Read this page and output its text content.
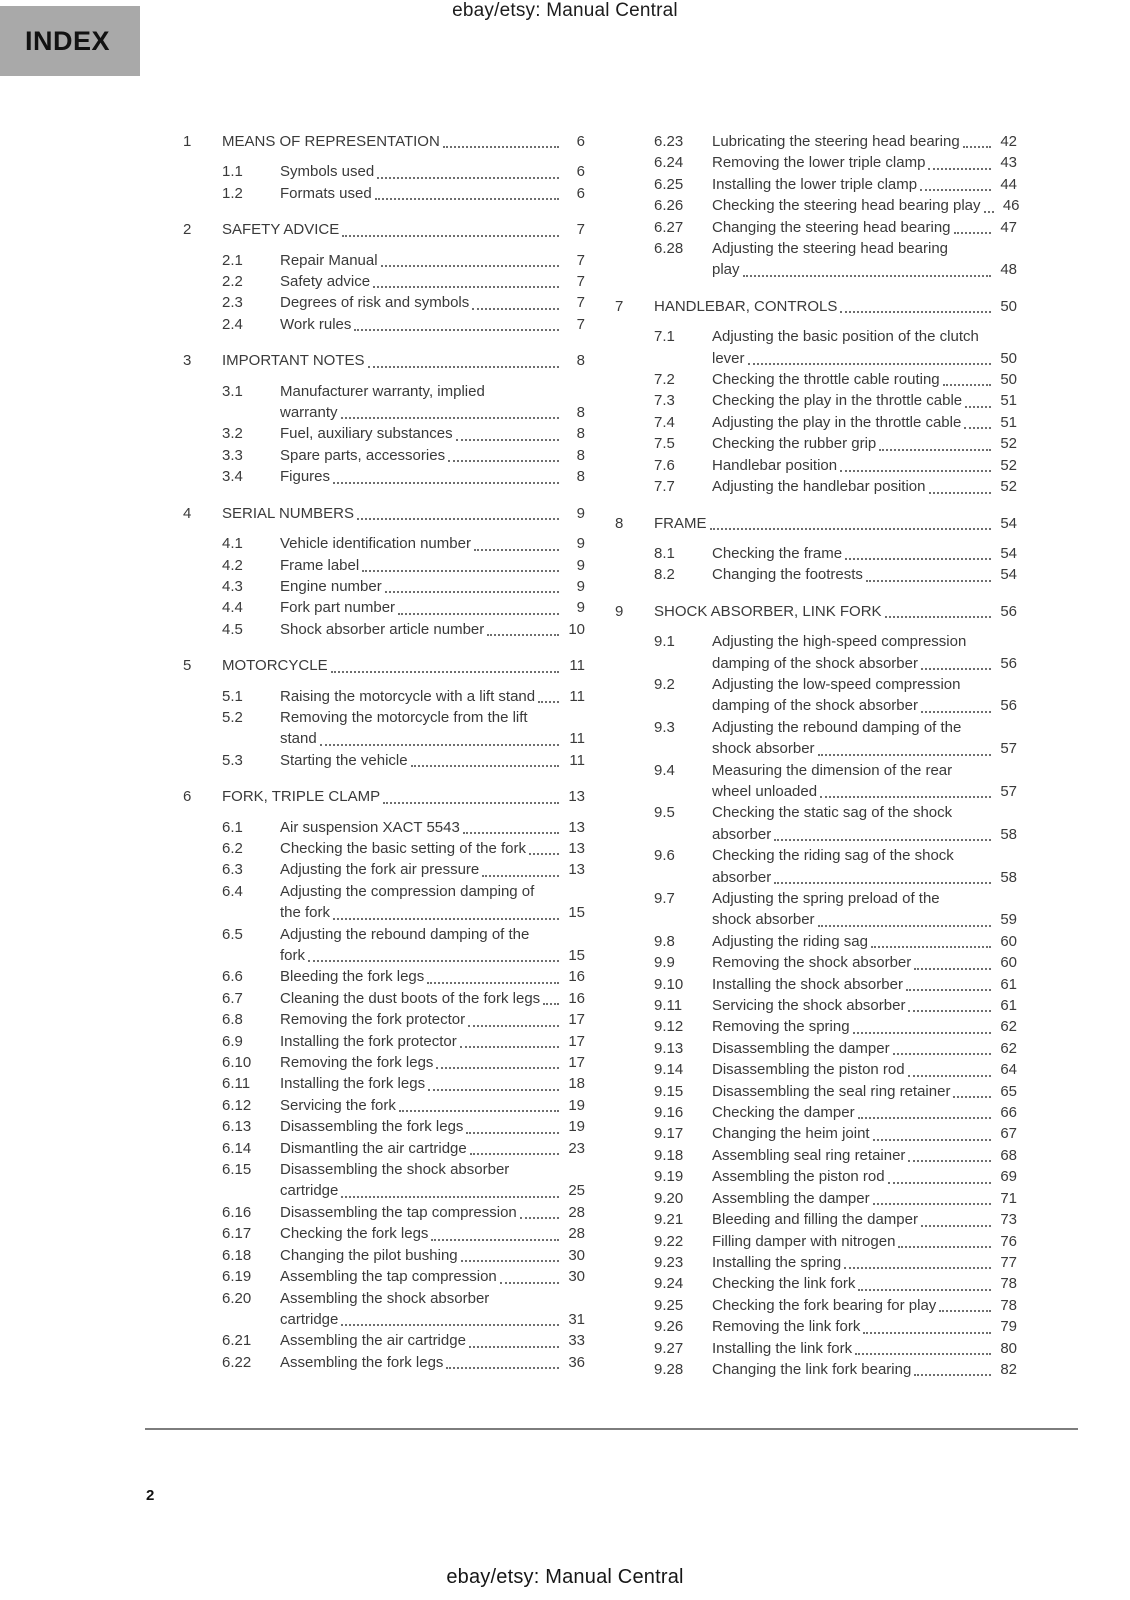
ebay/etsy: Manual Central
INDEX
1	MEANS OF REPRESENTATION	6
1.1	Symbols used	6
1.2	Formats used	6
2	SAFETY ADVICE	7
2.1	Repair Manual	7
2.2	Safety advice	7
2.3	Degrees of risk and symbols	7
2.4	Work rules	7
3	IMPORTANT NOTES	8
3.1	Manufacturer warranty, implied
warranty	8
3.2	Fuel, auxiliary substances	8
3.3	Spare parts, accessories	8
3.4	Figures	8
4	SERIAL NUMBERS	9
4.1	Vehicle identification number	9
4.2	Frame label	9
4.3	Engine number	9
4.4	Fork part number	9
4.5	Shock absorber article number	10
5	MOTORCYCLE	11
5.1	Raising the motorcycle with a lift stand	11
5.2	Removing the motorcycle from the lift
stand	11
5.3	Starting the vehicle	11
6	FORK, TRIPLE CLAMP	13
6.1	Air suspension XACT 5543	13
6.2	Checking the basic setting of the fork	13
6.3	Adjusting the fork air pressure	13
6.4	Adjusting the compression damping of
the fork	15
6.5	Adjusting the rebound damping of the
fork	15
6.6	Bleeding the fork legs	16
6.7	Cleaning the dust boots of the fork legs	16
6.8	Removing the fork protector	17
6.9	Installing the fork protector	17
6.10	Removing the fork legs	17
6.11	Installing the fork legs	18
6.12	Servicing the fork	19
6.13	Disassembling the fork legs	19
6.14	Dismantling the air cartridge	23
6.15	Disassembling the shock absorber
cartridge	25
6.16	Disassembling the tap compression	28
6.17	Checking the fork legs	28
6.18	Changing the pilot bushing	30
6.19	Assembling the tap compression	30
6.20	Assembling the shock absorber
cartridge	31
6.21	Assembling the air cartridge	33
6.22	Assembling the fork legs	36
6.23	Lubricating the steering head bearing	42
6.24	Removing the lower triple clamp	43
6.25	Installing the lower triple clamp	44
6.26	Checking the steering head bearing play	46
6.27	Changing the steering head bearing	47
6.28	Adjusting the steering head bearing
play	48
7	HANDLEBAR, CONTROLS	50
7.1	Adjusting the basic position of the clutch
lever	50
7.2	Checking the throttle cable routing	50
7.3	Checking the play in the throttle cable	51
7.4	Adjusting the play in the throttle cable	51
7.5	Checking the rubber grip	52
7.6	Handlebar position	52
7.7	Adjusting the handlebar position	52
8	FRAME	54
8.1	Checking the frame	54
8.2	Changing the footrests	54
9	SHOCK ABSORBER, LINK FORK	56
9.1	Adjusting the high-speed compression
damping of the shock absorber	56
9.2	Adjusting the low-speed compression
damping of the shock absorber	56
9.3	Adjusting the rebound damping of the
shock absorber	57
9.4	Measuring the dimension of the rear
wheel unloaded	57
9.5	Checking the static sag of the shock
absorber	58
9.6	Checking the riding sag of the shock
absorber	58
9.7	Adjusting the spring preload of the
shock absorber	59
9.8	Adjusting the riding sag	60
9.9	Removing the shock absorber	60
9.10	Installing the shock absorber	61
9.11	Servicing the shock absorber	61
9.12	Removing the spring	62
9.13	Disassembling the damper	62
9.14	Disassembling the piston rod	64
9.15	Disassembling the seal ring retainer	65
9.16	Checking the damper	66
9.17	Changing the heim joint	67
9.18	Assembling seal ring retainer	68
9.19	Assembling the piston rod	69
9.20	Assembling the damper	71
9.21	Bleeding and filling the damper	73
9.22	Filling damper with nitrogen	76
9.23	Installing the spring	77
9.24	Checking the link fork	78
9.25	Checking the fork bearing for play	78
9.26	Removing the link fork	79
9.27	Installing the link fork	80
9.28	Changing the link fork bearing	82
2
ebay/etsy: Manual Central
